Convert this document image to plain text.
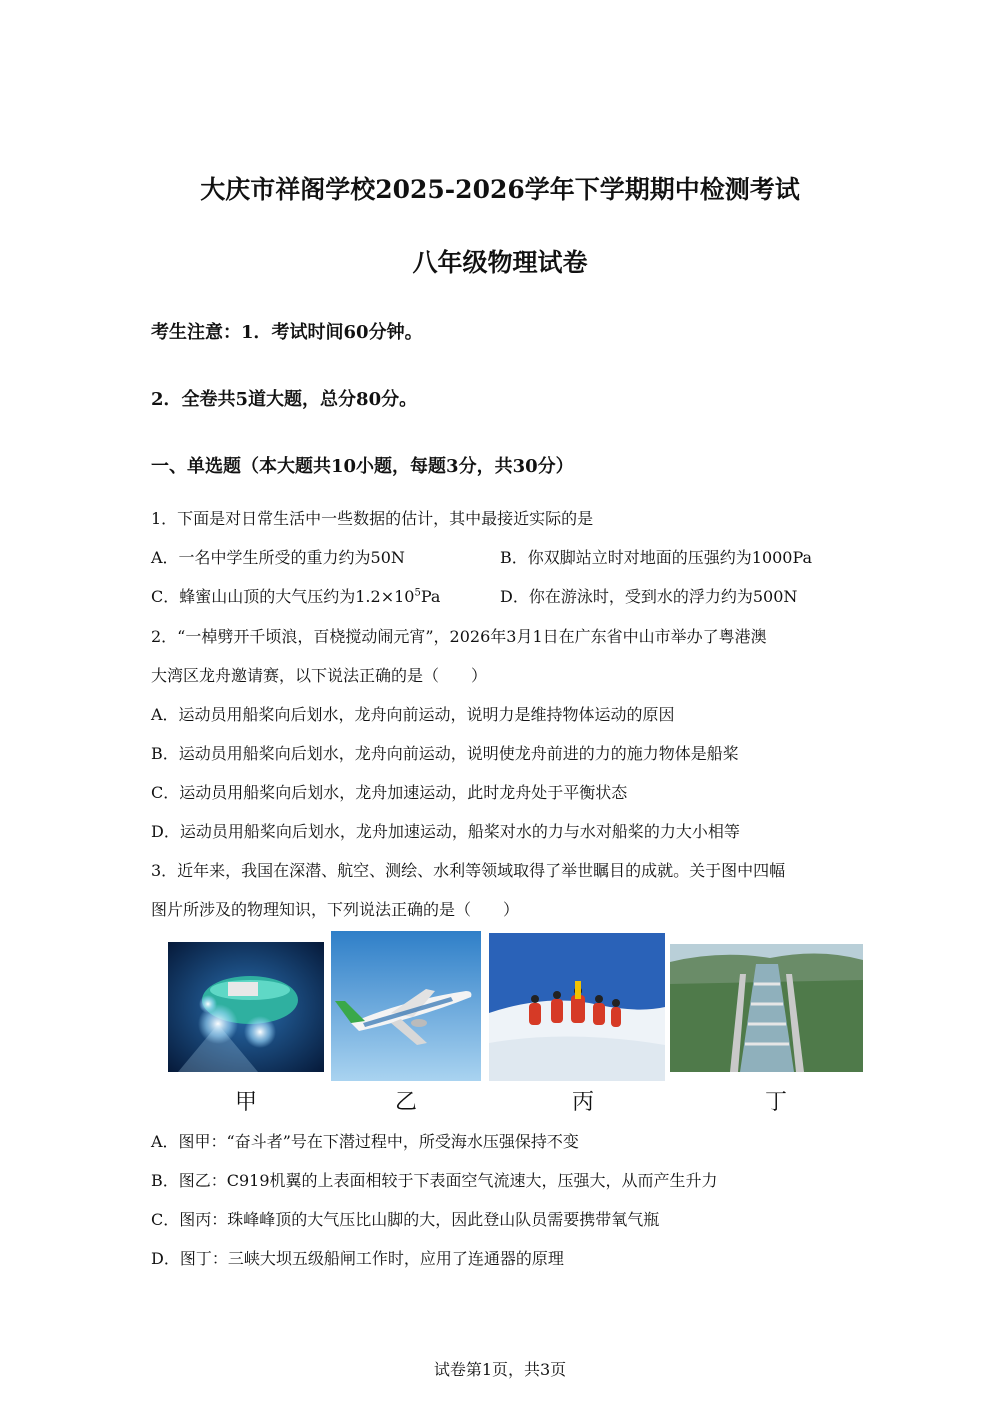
大庆市祥阁学校2025-2026学年下学期期中检测考试
八年级物理试卷
考生注意：1．考试时间60分钟。
2．全卷共5道大题，总分80分。
一、单选题（本大题共10小题，每题3分，共30分）
1．下面是对日常生活中一些数据的估计，其中最接近实际的是
A．一名中学生所受的重力约为50N	B．你双脚站立时对地面的压强约为1000Pa
C．蜂蜜山山顶的大气压约为$1.2\times 10^5Pa$	D．你在游泳时，受到水的浮力约为500N
2．“一棹劈开千顷浪，百桡搅动闹元宵”，2026年3月1日在广东省中山市举办了粤港澳
大湾区龙舟邀请赛，以下说法正确的是（　　）
A．运动员用船桨向后划水，龙舟向前运动，说明力是维持物体运动的原因
B．运动员用船桨向后划水，龙舟向前运动，说明使龙舟前进的力的施力物体是船桨
C．运动员用船桨向后划水，龙舟加速运动，此时龙舟处于平衡状态
D．运动员用船桨向后划水，龙舟加速运动，船桨对水的力与水对船桨的力大小相等
3．近年来，我国在深潜、航空、测绘、水利等领域取得了举世瞩目的成就。关于图中四幅
图片所涉及的物理知识，下列说法正确的是（　　）
甲	乙	丙	丁
A．图甲：“奋斗者”号在下潜过程中，所受海水压强保持不变
B．图乙：C919机翼的上表面相较于下表面空气流速大，压强大，从而产生升力
C．图丙：珠峰峰顶的大气压比山脚的大，因此登山队员需要携带氧气瓶
D．图丁：三峡大坝五级船闸工作时，应用了连通器的原理
试卷第1页，共3页
